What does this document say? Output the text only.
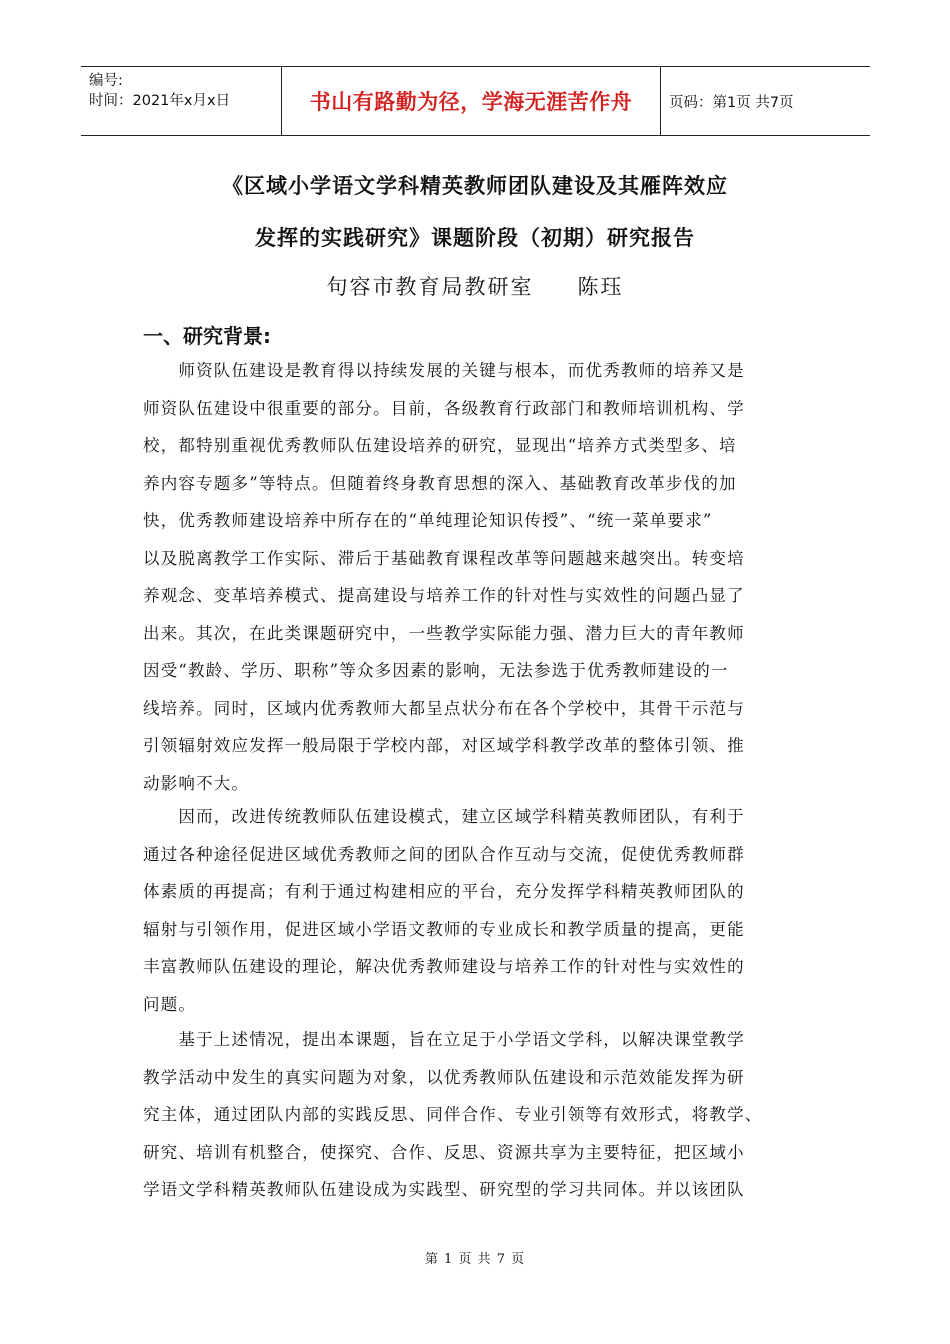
编号:
时间：2021年x月x日	书山有路勤为径，学海无涯苦作舟	页码：第1页 共7页
《区域小学语文学科精英教师团队建设及其雁阵效应
发挥的实践研究》课题阶段（初期）研究报告
句容市教育局教研室 陈珏
一、研究背景:
　　师资队伍建设是教育得以持续发展的关键与根本，而优秀教师的培养又是
师资队伍建设中很重要的部分。目前，各级教育行政部门和教师培训机构、学
校，都特别重视优秀教师队伍建设培养的研究，显现出“培养方式类型多、培
养内容专题多”等特点。但随着终身教育思想的深入、基础教育改革步伐的加
快，优秀教师建设培养中所存在的“单纯理论知识传授”、“统一菜单要求”
以及脱离教学工作实际、滞后于基础教育课程改革等问题越来越突出。转变培
养观念、变革培养模式、提高建设与培养工作的针对性与实效性的问题凸显了
出来。其次，在此类课题研究中，一些教学实际能力强、潜力巨大的青年教师
因受“教龄、学历、职称”等众多因素的影响，无法参选于优秀教师建设的一
线培养。同时，区域内优秀教师大都呈点状分布在各个学校中，其骨干示范与
引领辐射效应发挥一般局限于学校内部，对区域学科教学改革的整体引领、推
动影响不大。
　　因而，改进传统教师队伍建设模式，建立区域学科精英教师团队，有利于
通过各种途径促进区域优秀教师之间的团队合作互动与交流，促使优秀教师群
体素质的再提高；有利于通过构建相应的平台，充分发挥学科精英教师团队的
辐射与引领作用，促进区域小学语文教师的专业成长和教学质量的提高，更能
丰富教师队伍建设的理论，解决优秀教师建设与培养工作的针对性与实效性的
问题。
　　基于上述情况，提出本课题，旨在立足于小学语文学科，以解决课堂教学
教学活动中发生的真实问题为对象，以优秀教师队伍建设和示范效能发挥为研
究主体，通过团队内部的实践反思、同伴合作、专业引领等有效形式，将教学、
研究、培训有机整合，使探究、合作、反思、资源共享为主要特征，把区域小
学语文学科精英教师队伍建设成为实践型、研究型的学习共同体。并以该团队
第 1 页 共 7 页
